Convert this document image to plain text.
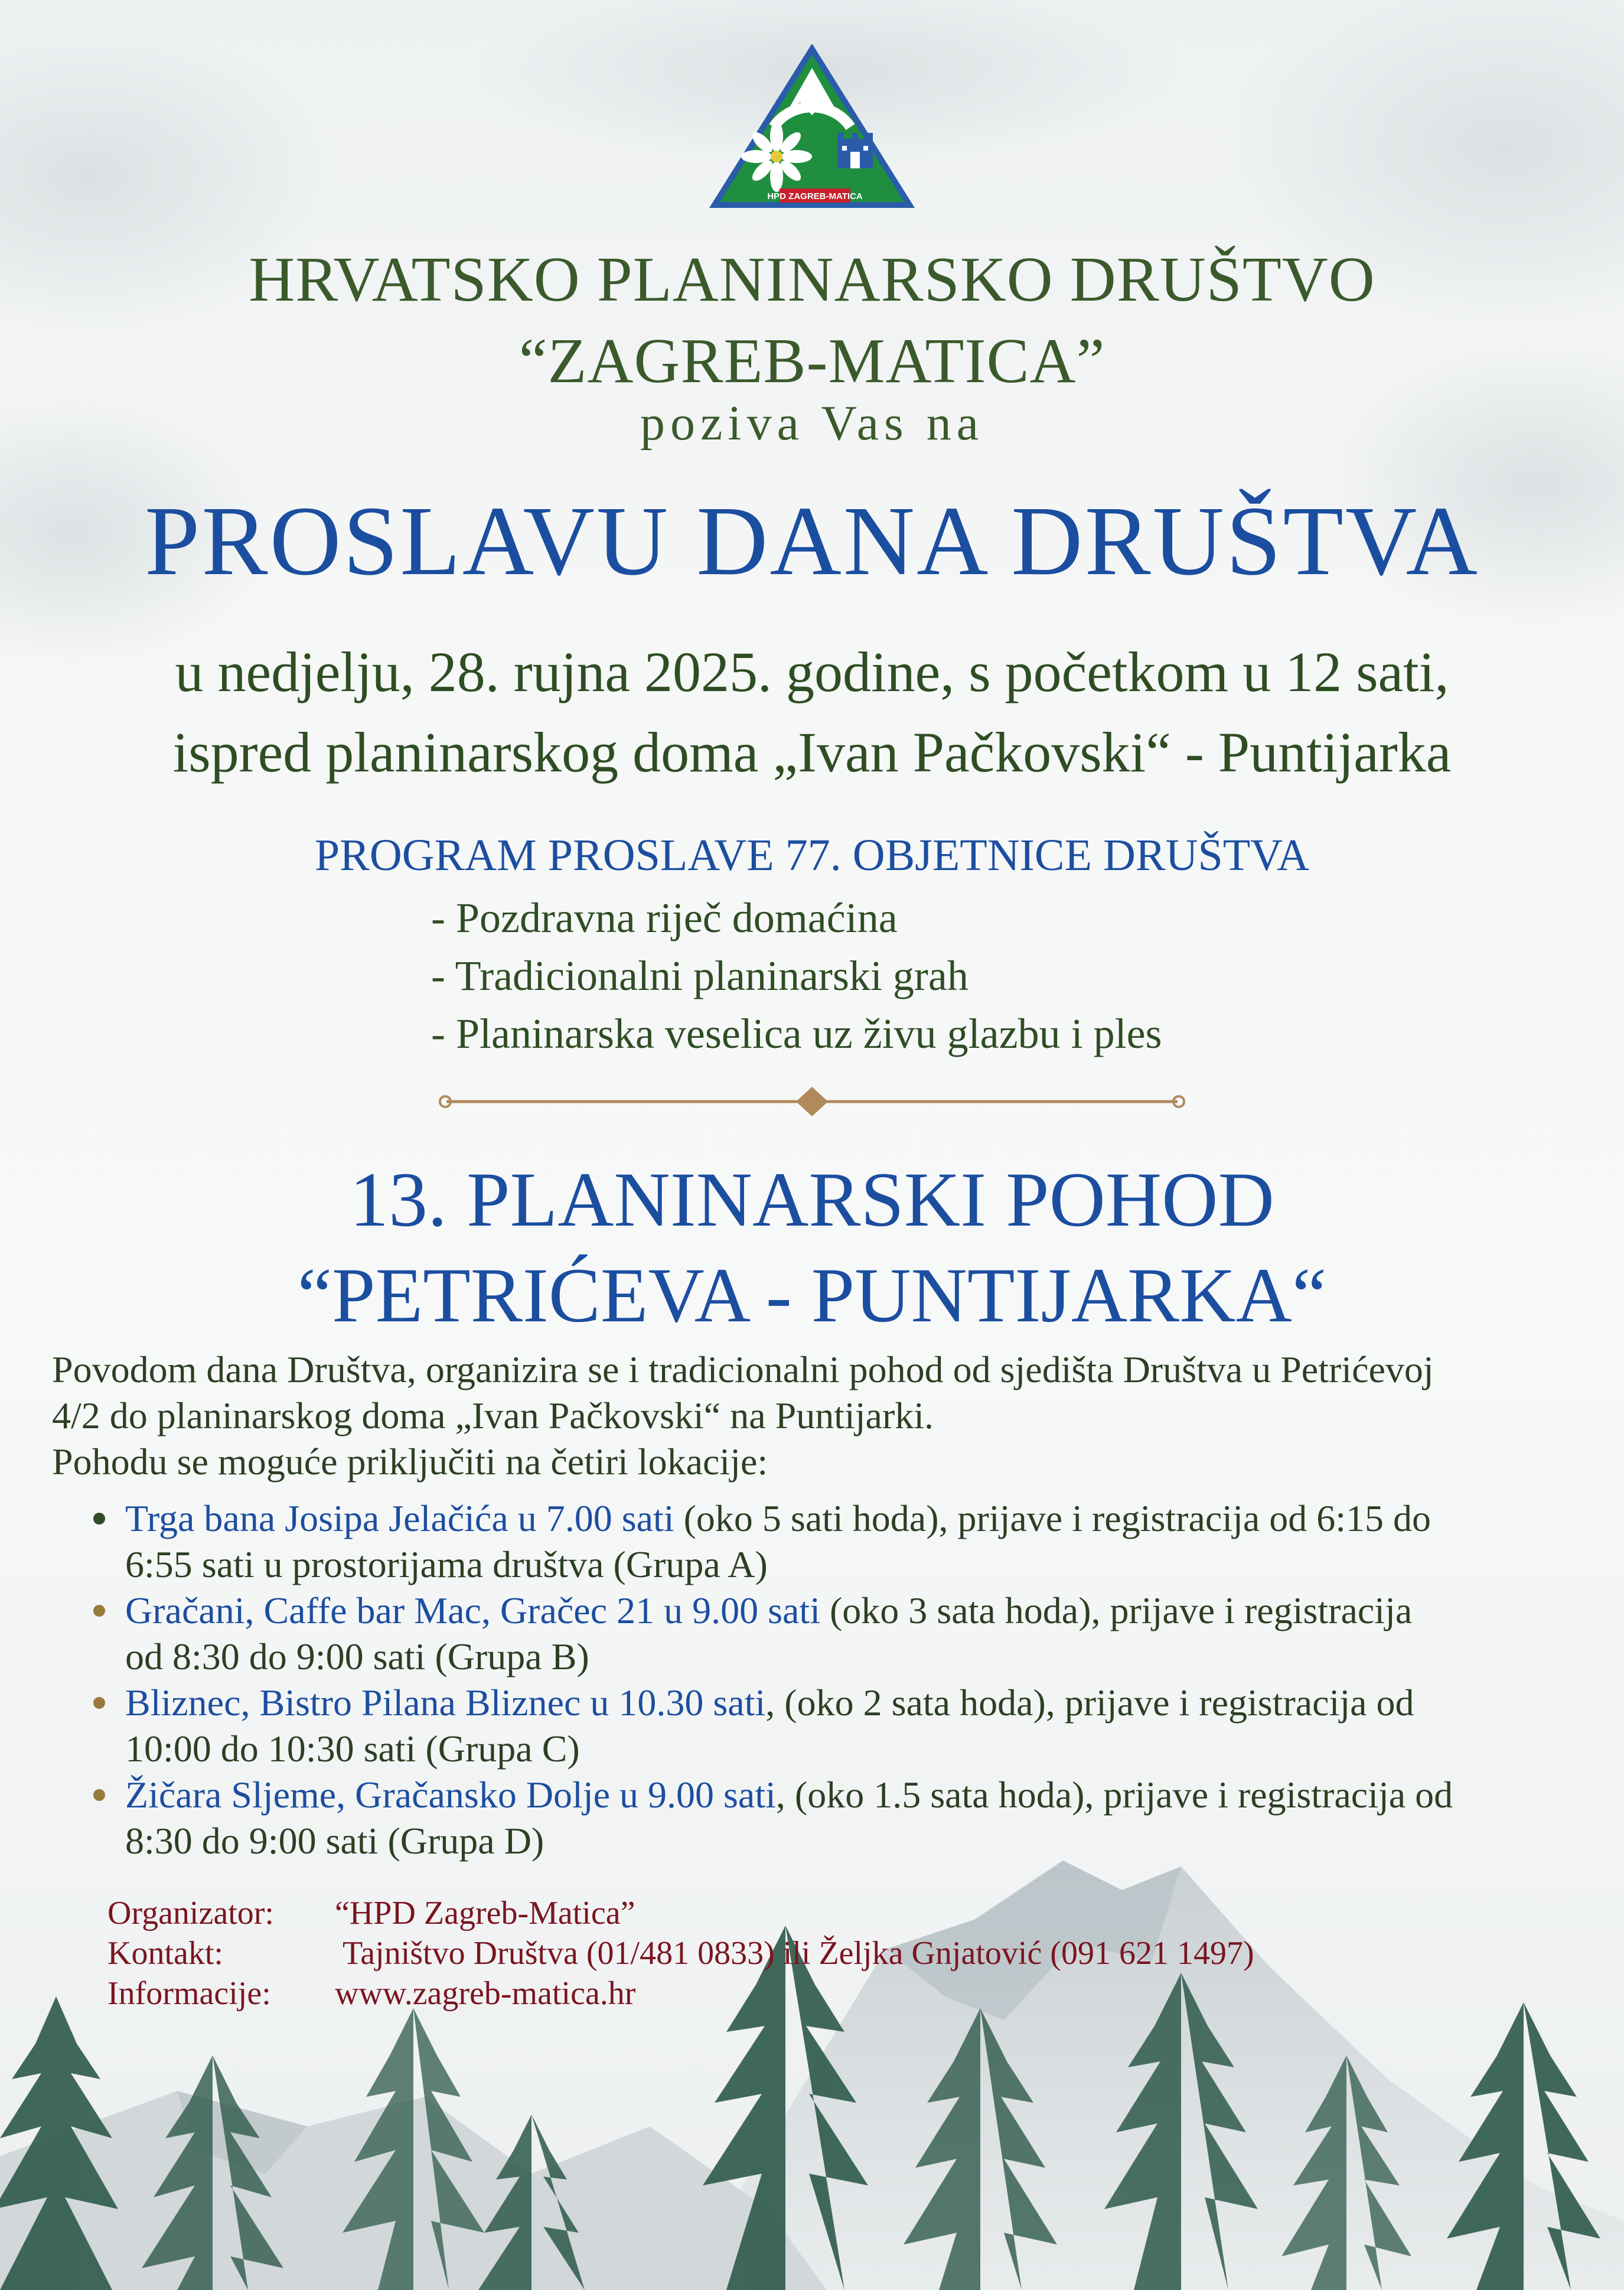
HPD ZAGREB-MATICA
HRVATSKO PLANINARSKO DRUŠTVO
“ZAGREB-MATICA”
poziva Vas na
PROSLAVU DANA DRUŠTVA
u nedjelju, 28. rujna 2025. godine, s početkom u 12 sati,
ispred planinarskog doma „Ivan Pačkovski“ - Puntijarka
PROGRAM PROSLAVE 77. OBJETNICE DRUŠTVA
- Pozdravna riječ domaćina
- Tradicionalni planinarski grah
- Planinarska veselica uz živu glazbu i ples
13. PLANINARSKI POHOD
“PETRIĆEVA - PUNTIJARKA“
Povodom dana Društva, organizira se i tradicionalni pohod od sjedišta Društva u Petrićevoj
4/2 do planinarskog doma „Ivan Pačkovski“ na Puntijarki.
Pohodu se moguće priključiti na četiri lokacije:
Trga bana Josipa Jelačića u 7.00 sati (oko 5 sati hoda), prijave i registracija od 6:15 do
6:55 sati u prostorijama društva (Grupa A)
Gračani, Caffe bar Mac, Gračec 21 u 9.00 sati (oko 3 sata hoda), prijave i registracija
od 8:30 do 9:00 sati (Grupa B)
Bliznec, Bistro Pilana Bliznec u 10.30 sati, (oko 2 sata hoda), prijave i registracija od
10:00 do 10:30 sati (Grupa C)
Žičara Sljeme, Gračansko Dolje u 9.00 sati, (oko 1.5 sata hoda), prijave i registracija od
8:30 do 9:00 sati (Grupa D)
Organizator: “HPD Zagreb-Matica”
Kontakt:	Tajništvo Društva (01/481 0833) ili Željka Gnjatović (091 621 1497)
Informacije: www.zagreb-matica.hr
